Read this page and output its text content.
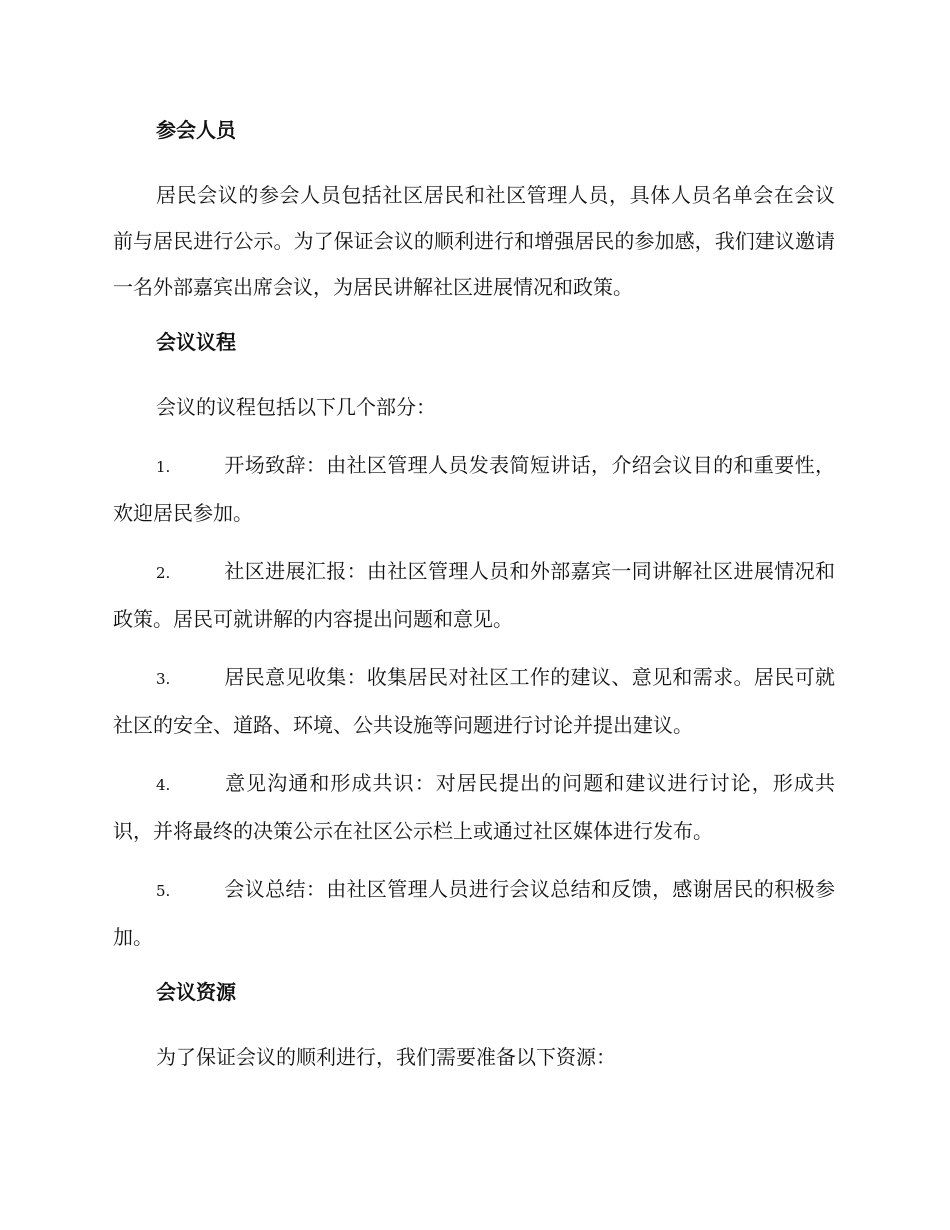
参会人员

居民会议的参会人员包括社区居民和社区管理人员，具体人员名单会在会议前与居民进行公示。为了保证会议的顺利进行和增强居民的参加感，我们建议邀请一名外部嘉宾出席会议，为居民讲解社区进展情况和政策。

会议议程

会议的议程包括以下几个部分：

1.	开场致辞：由社区管理人员发表简短讲话，介绍会议目的和重要性，欢迎居民参加。

2.	社区进展汇报：由社区管理人员和外部嘉宾一同讲解社区进展情况和政策。居民可就讲解的内容提出问题和意见。

3.	居民意见收集：收集居民对社区工作的建议、意见和需求。居民可就社区的安全、道路、环境、公共设施等问题进行讨论并提出建议。

4.	意见沟通和形成共识：对居民提出的问题和建议进行讨论，形成共识，并将最终的决策公示在社区公示栏上或通过社区媒体进行发布。

5.	会议总结：由社区管理人员进行会议总结和反馈，感谢居民的积极参加。

会议资源

为了保证会议的顺利进行，我们需要准备以下资源：
